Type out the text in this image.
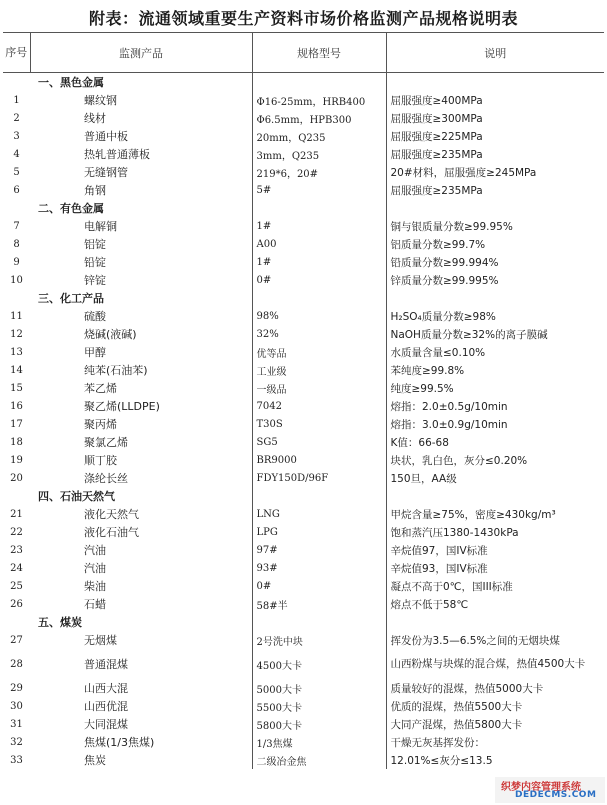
附表：流通领域重要生产资料市场价格监测产品规格说明表
序号	监测产品	规格型号	说明
	一、黑色金属		
1	螺纹钢	Φ16-25mm，HRB400	屈服强度≥400MPa
2	线材	Φ6.5mm，HPB300	屈服强度≥300MPa
3	普通中板	20mm，Q235	屈服强度≥225MPa
4	热轧普通薄板	3mm，Q235	屈服强度≥235MPa
5	无缝钢管	219*6，20#	20#材料，屈服强度≥245MPa
6	角钢	5#	屈服强度≥235MPa
	二、有色金属		
7	电解铜	1#	铜与银质量分数≥99.95%
8	铝锭	A00	铝质量分数≥99.7%
9	铅锭	1#	铅质量分数≥99.994%
10	锌锭	0#	锌质量分数≥99.995%
	三、化工产品		
11	硫酸	98%	H₂SO₄质量分数≥98%
12	烧碱(液碱)	32%	NaOH质量分数≥32%的离子膜碱
13	甲醇	优等品	水质量含量≤0.10%
14	纯苯(石油苯)	工业级	苯纯度≥99.8%
15	苯乙烯	一级品	纯度≥99.5%
16	聚乙烯(LLDPE)	7042	熔指：2.0±0.5g/10min
17	聚丙烯	T30S	熔指：3.0±0.9g/10min
18	聚氯乙烯	SG5	K值：66-68
19	顺丁胶	BR9000	块状，乳白色，灰分≤0.20%
20	涤纶长丝	FDY150D/96F	150旦，AA级
	四、石油天然气		
21	液化天然气	LNG	甲烷含量≥75%，密度≥430kg/m³
22	液化石油气	LPG	饱和蒸汽压1380-1430kPa
23	汽油	97#	辛烷值97，国IV标准
24	汽油	93#	辛烷值93，国IV标准
25	柴油	0#	凝点不高于0℃，国III标准
26	石蜡	58#半	熔点不低于58℃
	五、煤炭		
27	无烟煤	2号洗中块	挥发份为3.5—6.5%之间的无烟块煤
28	普通混煤	4500大卡	山西粉煤与块煤的混合煤，热值4500大卡
29	山西大混	5000大卡	质量较好的混煤，热值5000大卡
30	山西优混	5500大卡	优质的混煤，热值5500大卡
31	大同混煤	5800大卡	大同产混煤，热值5800大卡
32	焦煤(1/3焦煤)	1/3焦煤	干燥无灰基挥发份：
33	焦炭	二级冶金焦	12.01%≤灰分≤13.5
织梦内容管理系统
DEDECMS.COM
